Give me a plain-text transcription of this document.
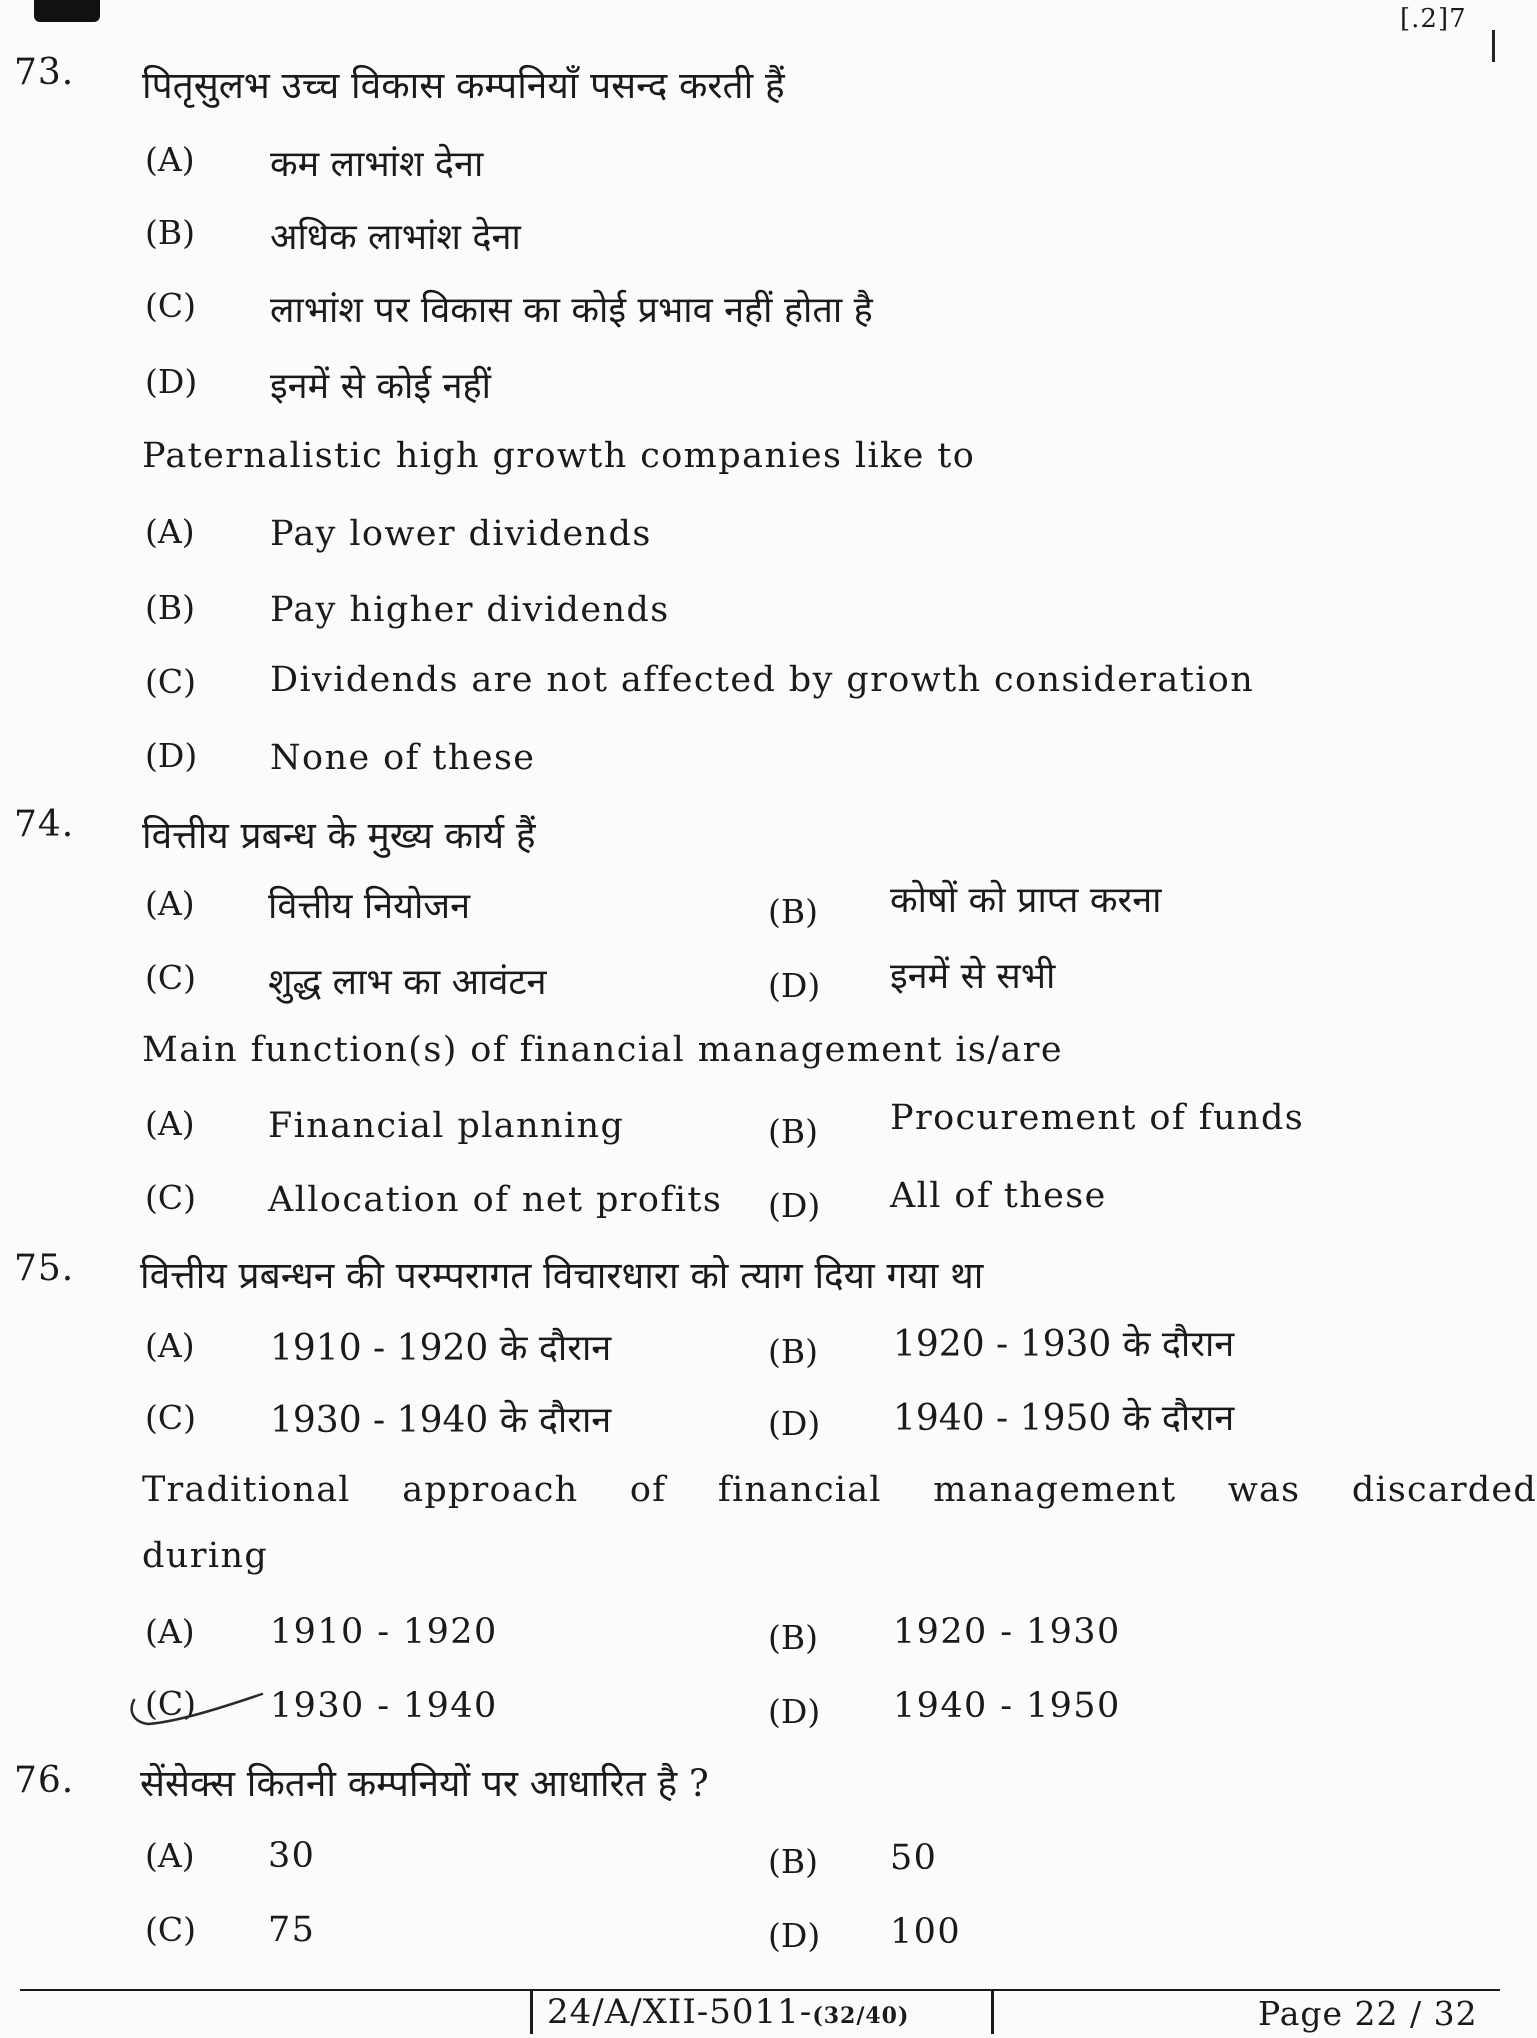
[.2]7
73. पितृसुलभ उच्च विकास कम्पनियाँ पसन्द करती हैं
(A) कम लाभांश देना
(B) अधिक लाभांश देना
(C) लाभांश पर विकास का कोई प्रभाव नहीं होता है
(D) इनमें से कोई नहीं
Paternalistic high growth companies like to
(A) Pay lower dividends
(B) Pay higher dividends
(C) Dividends are not affected by growth consideration
(D) None of these
74. वित्तीय प्रबन्ध के मुख्य कार्य हैं
(A) वित्तीय नियोजन	(B) कोषों को प्राप्त करना
(C) शुद्ध लाभ का आवंटन	(D) इनमें से सभी
Main function(s) of financial management is/are
(A) Financial planning	(B) Procurement of funds
(C) Allocation of net profits (D) All of these
75. वित्तीय प्रबन्धन की परम्परागत विचारधारा को त्याग दिया गया था
(A) 1910 - 1920 के दौरान	(B) 1920 - 1930 के दौरान
(C) 1930 - 1940 के दौरान	(D) 1940 - 1950 के दौरान
Traditional approach of financial management was discarded
during
(A) 1910 - 1920	(B) 1920 - 1930
(C) 1930 - 1940	(D) 1940 - 1950
76. सेंसेक्स कितनी कम्पनियों पर आधारित है ?
(A) 30	(B) 50
(C) 75	(D) 100
24/A/XII-5011-(32/40)	Page 22 / 32
